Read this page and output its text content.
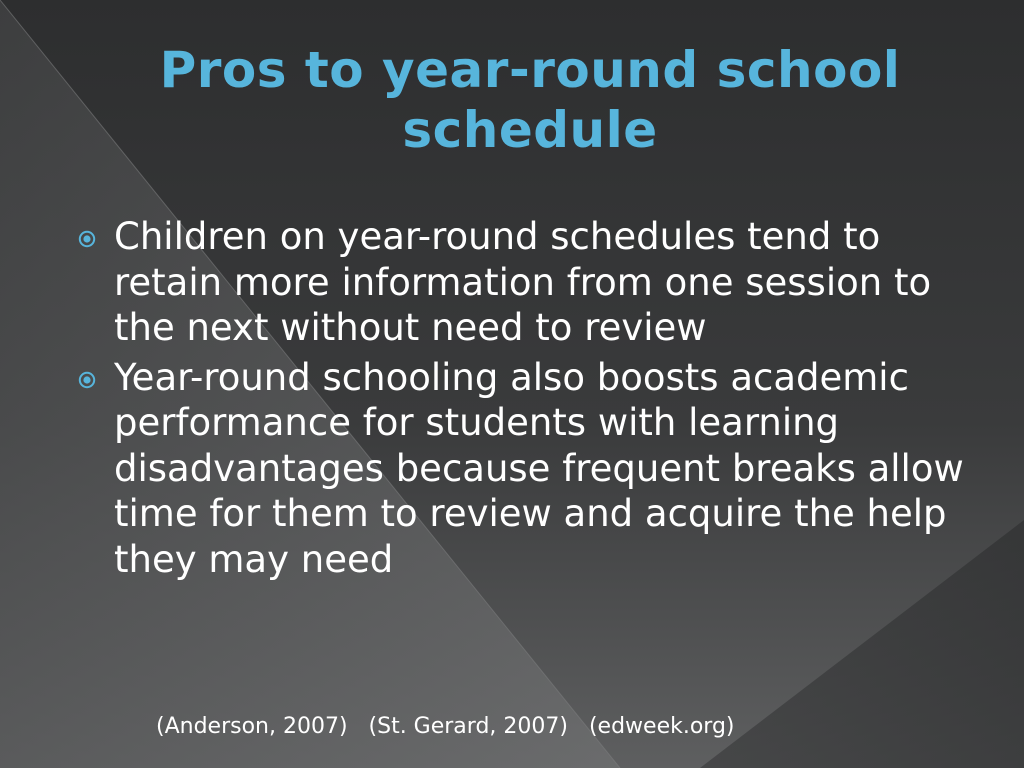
Pros to year-round school schedule
Children on year-round schedules tend to retain more information from one session to the next without need to review
Year-round schooling also boosts academic performance for students with learning disadvantages because frequent breaks allow time for them to review and acquire the help they may need
(Anderson, 2007)   (St. Gerard, 2007)   (edweek.org)
